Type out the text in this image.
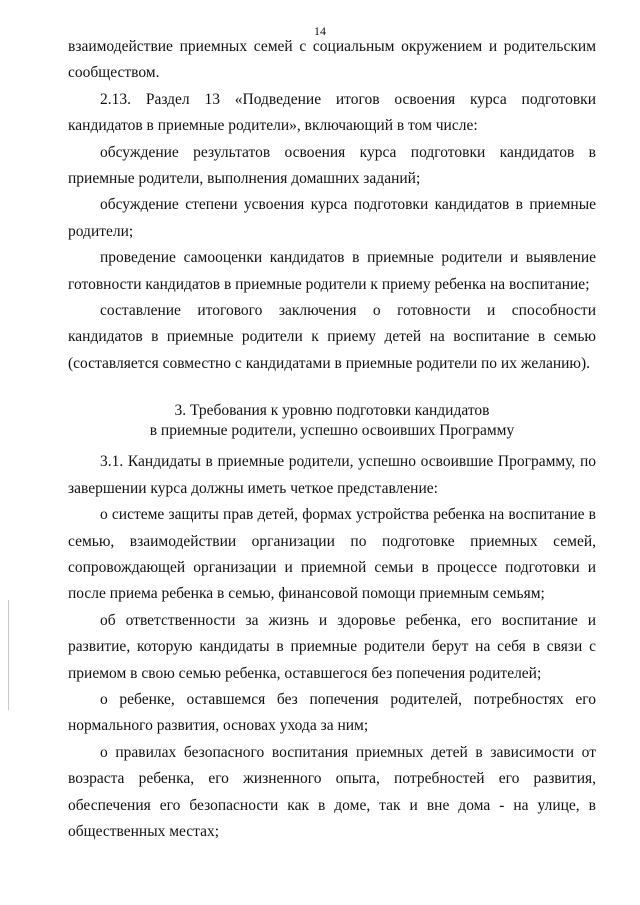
14

взаимодействие приемных семей с социальным окружением и родительским сообществом.

2.13. Раздел 13 «Подведение итогов освоения курса подготовки кандидатов в приемные родители», включающий в том числе:

обсуждение результатов освоения курса подготовки кандидатов в приемные родители, выполнения домашних заданий;

обсуждение степени усвоения курса подготовки кандидатов в приемные родители;

проведение самооценки кандидатов в приемные родители и выявление готовности кандидатов в приемные родители к приему ребенка на воспитание;

составление итогового заключения о готовности и способности кандидатов в приемные родители к приему детей на воспитание в семью (составляется совместно с кандидатами в приемные родители по их желанию).

3. Требования к уровню подготовки кандидатов

в приемные родители, успешно освоивших Программу

3.1. Кандидаты в приемные родители, успешно освоившие Программу, по завершении курса должны иметь четкое представление:

о системе защиты прав детей, формах устройства ребенка на воспитание в семью, взаимодействии организации по подготовке приемных семей, сопровождающей организации и приемной семьи в процессе подготовки и после приема ребенка в семью, финансовой помощи приемным семьям;

об ответственности за жизнь и здоровье ребенка, его воспитание и развитие, которую кандидаты в приемные родители берут на себя в связи с приемом в свою семью ребенка, оставшегося без попечения родителей;

о ребенке, оставшемся без попечения родителей, потребностях его нормального развития, основах ухода за ним;

о правилах безопасного воспитания приемных детей в зависимости от возраста ребенка, его жизненного опыта, потребностей его развития, обеспечения его безопасности как в доме, так и вне дома - на улице, в общественных местах;
